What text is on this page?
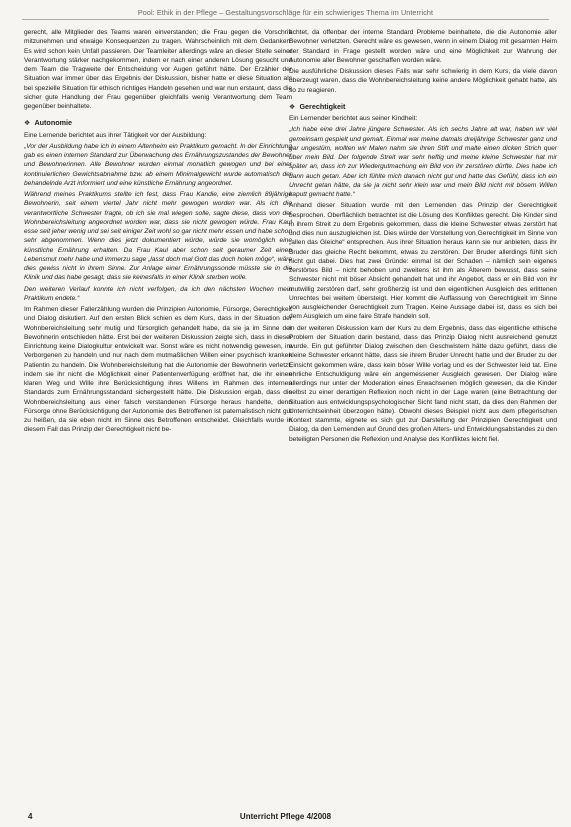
Pool: Ethik in der Pflege – Gestaltungsvorschläge für ein schwieriges Thema im Unterricht

gerecht, alle Mitglieder des Teams waren einverstanden; die Frau gegen die Vorschrift mitzunehmen und etwaige Konsequenzen zu tragen. Wahrscheinlich mit dem Gedanken: Es wird schon kein Unfall passieren. Der Teamleiter allerdings wäre an dieser Stelle seiner Verantwortung stärker nachgekommen, indem er nach einer anderen Lösung gesucht und dem Team die Tragweite der Entscheidung vor Augen geführt hätte. Der Erzähler der Situation war immer über das Ergebnis der Diskussion, bisher hatte er diese Situation als bei spezielle Situation für ethisch richtiges Handeln gesehen und war nun erstaunt, dass die sicher gute Handlung der Frau gegenüber gleichfalls wenig Verantwortung dem Team gegenüber beinhaltete.

❖ Autonomie

Eine Lernende berichtet aus ihrer Tätigkeit vor der Ausbildung:

„Vor der Ausbildung habe ich in einem Altenheim ein Praktikum gemacht. In der Einrichtung gab es einen internen Standard zur Überwachung des Ernährungszustandes der Bewohner und Bewohnerinnen. Alle Bewohner wurden einmal monatlich gewogen und bei einer kontinuierlichen Gewichtsabnahme bzw. ab einem Minimalgewicht wurde automatisch der behandelnde Arzt informiert und eine künstliche Ernährung angeordnet.

Während meines Praktikums stellte ich fest, dass Frau Kandie, eine ziemlich 89jährige Bewohnerin, seit einem viertel Jahr nicht mehr gewogen worden war. Als ich die verantwortliche Schwester fragte, ob ich sie mal wiegen solle, sagte diese, dass von der Wohnbereichsleitung angeordnet worden war, dass sie nicht gewogen würde. Frau Kaul esse seit jeher wenig und sei seit einiger Zeit wohl so gar nicht mehr essen und habe schon sehr abgenommen. Wenn dies jetzt dokumentiert würde, würde sie womöglich eine künstliche Ernährung erhalten. Da Frau Kaul aber schon seit geraumer Zeit einen Lebensmut mehr habe und immerzu sage „lasst doch mal Gott das doch holen möge“, wäre dies gewiss nicht in ihrem Sinne. Zur Anlage einer Ernährungssonde müsste sie in die Klinik und das habe gesagt, dass sie keinesfalls in einer Klinik sterben wolle.

Den weiteren Verlauf konnte ich nicht verfolgen, da ich den nächsten Wochen mein Praktikum endete.“

Im Rahmen dieser Fallerzählung wurden die Prinzipien Autonomie, Fürsorge, Gerechtigkeit und Dialog diskutiert. Auf den ersten Blick schien es dem Kurs, dass in der Situation der Wohnbereichsleitung sehr mutig und fürsorglich gehandelt habe, da sie ja im Sinne der Bewohnerin entschieden hätte. Erst bei der weiteren Diskussion zeigte sich, dass in dieser Einrichtung keine Dialogkultur entwickelt war. Sonst wäre es nicht notwendig gewesen, im Verborgenen zu handeln und nur nach dem mutmaßlichen Willen einer psychisch kranken Patientin zu handeln. Die Wohnbereichsleitung hat die Autonomie der Bewohnerin verletzt, indem sie ihr nicht die Möglichkeit einer Patientenverfügung eröffnet hat, die ihr einen klaren Weg und Wille ihre Berücksichtigung ihres Willens im Rahmen des internen Standards zum Ernährungsstandard sichergestellt hätte. Die Diskussion ergab, dass die Wohnbereichsleitung aus einer falsch verstandenen Fürsorge heraus handelte, denn Fürsorge ohne Berücksichtigung der Autonomie des Betroffenen ist paternalistisch nicht gut zu heißen, da sie eben nicht im Sinne des Betroffenen entscheidet. Gleichfalls wurde in diesem Fall das Prinzip der Gerechtigkeit nicht be-

achtet, da offenbar der interne Standard Probleme beinhaltete, die die Autonomie aller Bewohner verletzten. Gerecht wäre es gewesen, wenn in einem Dialog mit gesamten Heim der Standard in Frage gestellt worden wäre und eine Möglichkeit zur Wahrung der Autonomie aller Bewohner geschaffen worden wäre.

Die ausführliche Diskussion dieses Falls war sehr schwierig in dem Kurs, da viele davon überzeugt waren, dass die Wohnbereichsleitung keine andere Möglichkeit gehabt hatte, als so zu reagieren.

❖ Gerechtigkeit

Ein Lernender berichtet aus seiner Kindheit:

„Ich habe eine drei Jahre jüngere Schwester. Als ich sechs Jahre alt war, haben wir viel gemeinsam gespielt und gemalt. Einmal war meine damals dreijährige Schwester ganz und gar ungestüm, wollten wir Malen nahm sie ihren Stift und malte einen dicken Strich quer über mein Bild. Der folgende Streit war sehr heftig und meine kleine Schwester hat mir später an, dass ich zur Wiedergutmachung ein Bild von ihr zerstören dürfte. Dies habe ich dann auch getan. Aber ich fühlte mich danach nicht gut und hatte das Gefühl, dass ich ein Unrecht getan hätte, da sie ja nicht sehr klein war und mein Bild nicht mit bösem Willen kaputt gemacht hatte.“

Anhand dieser Situation wurde mit den Lernenden das Prinzip der Gerechtigkeit besprochen. Oberflächlich betrachtet ist die Lösung des Konfliktes gerecht. Die Kinder sind in ihrem Streit zu dem Ergebnis gekommen, dass die kleine Schwester etwas zerstört hat und dies nun auszugleichen ist. Dies würde der Vorstellung von Gerechtigkeit im Sinne von „allen das Gleiche“ entsprechen. Aus ihrer Situation heraus kann sie nur anbieten, dass ihr Bruder das gleiche Recht bekommt, etwas zu zerstören. Der Bruder allerdings fühlt sich nicht gut dabei. Dies hat zwei Gründe: einmal ist der Schaden – nämlich sein eigenes zerstörtes Bild – nicht behoben und zweitens ist ihm als Älterem bewusst, dass seine Schwester nicht mit böser Absicht gehandelt hat und ihr Angebot, dass er ein Bild von ihr mutwillig zerstören darf, sehr großherzig ist und den eigentlichen Ausgleich des erlittenen Unrechtes bei weitem übersteigt. Hier kommt die Auffassung von Gerechtigkeit im Sinne von ausgleichender Gerechtigkeit zum Tragen. Keine Aussage dabei ist, dass es sich bei dem Ausgleich um eine faire Strafe handeln soll.

In der weiteren Diskussion kam der Kurs zu dem Ergebnis, dass das eigentliche ethische Problem der Situation darin bestand, dass das Prinzip Dialog nicht ausreichend genutzt wurde. Ein gut geführter Dialog zwischen den Geschwistern hätte dazu geführt, dass die kleine Schwester erkannt hätte, dass sie ihrem Bruder Unrecht hatte und der Bruder zu der Einsicht gekommen wäre, dass kein böser Wille vorlag und es der Schwester leid tat. Eine ehrliche Entschuldigung wäre ein angemessener Ausgleich gewesen. Der Dialog wäre allerdings nur unter der Moderation eines Erwachsenen möglich gewesen, da die Kinder selbst zu einer derartigen Reflexion noch nicht in der Lage waren (eine Betrachtung der Situation aus entwicklungspsychologischer Sicht fand nicht statt, da dies den Rahmen der Unterrichtseinheit überzogen hätte). Obwohl dieses Beispiel nicht aus dem pflegerischen Kontext stammte, eignete es sich gut zur Darstellung der Prinzipien Gerechtigkeit und Dialog, da den Lernenden auf Grund des großen Alters- und Entwicklungsabstandes zu den beteiligten Personen die Reflexion und Analyse des Konfliktes leicht fiel.

4	Unterricht Pflege 4/2008
